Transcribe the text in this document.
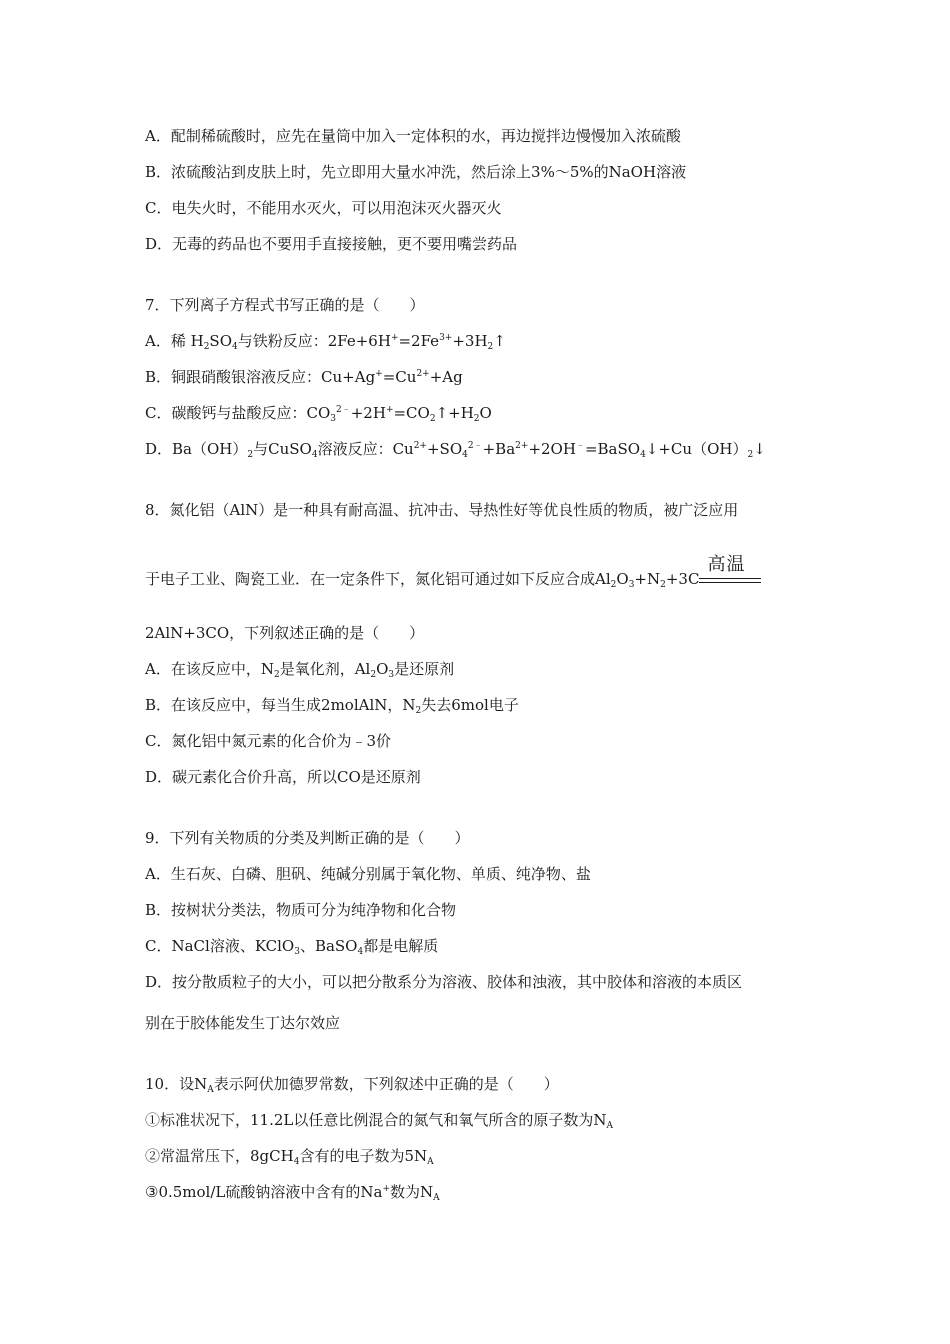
A．配制稀硫酸时，应先在量筒中加入一定体积的水，再边搅拌边慢慢加入浓硫酸
B．浓硫酸沾到皮肤上时，先立即用大量水冲洗，然后涂上3%～5%的NaOH溶液
C．电失火时，不能用水灭火，可以用泡沫灭火器灭火
D．无毒的药品也不要用手直接接触，更不要用嘴尝药品
7．下列离子方程式书写正确的是（　　）
A．稀 $H_2SO_4$与铁粉反应：$2Fe+6H^+=2Fe^{3+}+3H_2↑$
B．铜跟硝酸银溶液反应：$Cu+Ag^+=Cu^{2+}+Ag$
C．碳酸钙与盐酸反应：$CO_3^{2﹣}+2H^+=CO_2↑+H_2O$
D．$Ba(OH)_2$与CuSO$_4$溶液反应：$Cu^{2+}+SO_4^{2﹣}+Ba^{2+}+2OH^﹣=BaSO_4↓+Cu(OH)_2↓$
8．氮化铝（AlN）是一种具有耐高温、抗冲击、导热性好等优良性质的物质，被广泛应用
于电子工业、陶瓷工业．在一定条件下，氮化铝可通过如下反应合成$Al_2O_3+N_2+3C$
高温
2AlN+3CO，下列叙述正确的是（　　）
A．在该反应中，$N_2$是氧化剂，$Al_2O_3$是还原剂
B．在该反应中，每当生成2molAlN，$N_2$失去6mol电子
C．氮化铝中氮元素的化合价为﹣3价
D．碳元素化合价升高，所以CO是还原剂
9．下列有关物质的分类及判断正确的是（　　）
A．生石灰、白磷、胆矾、纯碱分别属于氧化物、单质、纯净物、盐
B．按树状分类法，物质可分为纯净物和化合物
C．NaCl溶液、KClO$_3$、BaSO$_4$都是电解质
D．按分散质粒子的大小，可以把分散系分为溶液、胶体和浊液，其中胶体和溶液的本质区
别在于胶体能发生丁达尔效应
10．设$N_A$表示阿伏加德罗常数，下列叙述中正确的是（　　）
①标准状况下，11.2L以任意比例混合的氮气和氧气所含的原子数为$N_A$
②常温常压下，8gCH$_4$含有的电子数为$5N_A$
③0.5mol/L硫酸钠溶液中含有的Na+数为$N_A$
